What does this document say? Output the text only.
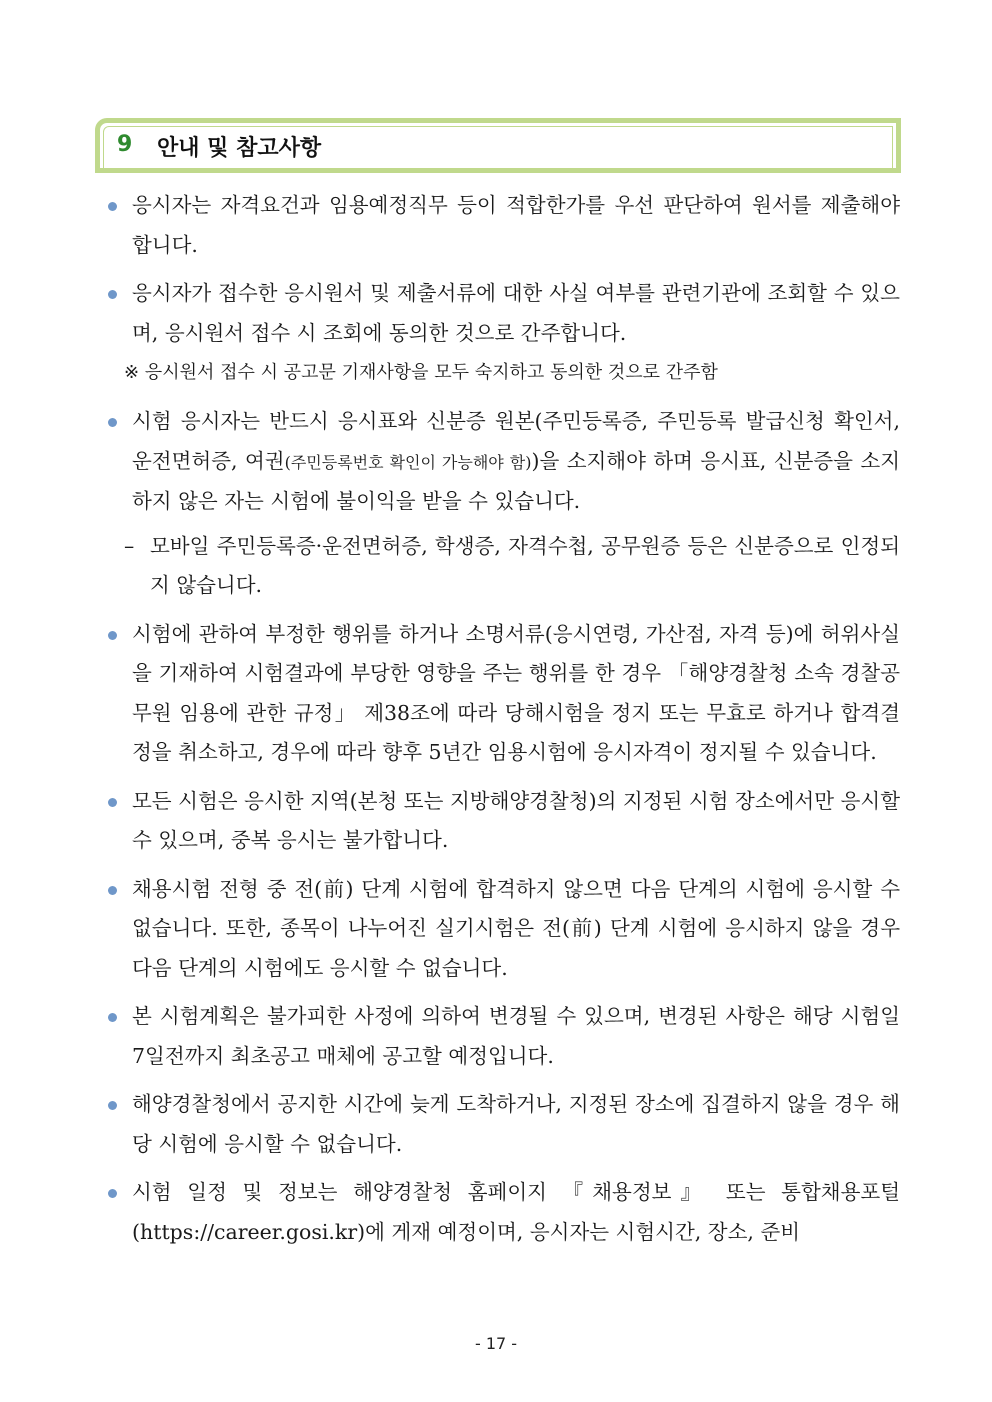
9 안내 및 참고사항
응시자는 자격요건과 임용예정직무 등이 적합한가를 우선 판단하여 원서를 제출해야 합니다.
응시자가 접수한 응시원서 및 제출서류에 대한 사실 여부를 관련기관에 조회할 수 있으며, 응시원서 접수 시 조회에 동의한 것으로 간주합니다.
※ 응시원서 접수 시 공고문 기재사항을 모두 숙지하고 동의한 것으로 간주함
시험 응시자는 반드시 응시표와 신분증 원본(주민등록증, 주민등록 발급신청 확인서, 운전면허증, 여권(주민등록번호 확인이 가능해야 함))을 소지해야 하며 응시표, 신분증을 소지하지 않은 자는 시험에 불이익을 받을 수 있습니다.
– 모바일 주민등록증·운전면허증, 학생증, 자격수첩, 공무원증 등은 신분증으로 인정되지 않습니다.
시험에 관하여 부정한 행위를 하거나 소명서류(응시연령, 가산점, 자격 등)에 허위사실을 기재하여 시험결과에 부당한 영향을 주는 행위를 한 경우 「해양경찰청 소속 경찰공무원 임용에 관한 규정」 제38조에 따라 당해시험을 정지 또는 무효로 하거나 합격결정을 취소하고, 경우에 따라 향후 5년간 임용시험에 응시자격이 정지될 수 있습니다.
모든 시험은 응시한 지역(본청 또는 지방해양경찰청)의 지정된 시험 장소에서만 응시할 수 있으며, 중복 응시는 불가합니다.
채용시험 전형 중 전(前) 단계 시험에 합격하지 않으면 다음 단계의 시험에 응시할 수 없습니다. 또한, 종목이 나누어진 실기시험은 전(前) 단계 시험에 응시하지 않을 경우 다음 단계의 시험에도 응시할 수 없습니다.
본 시험계획은 불가피한 사정에 의하여 변경될 수 있으며, 변경된 사항은 해당 시험일 7일전까지 최초공고 매체에 공고할 예정입니다.
해양경찰청에서 공지한 시간에 늦게 도착하거나, 지정된 장소에 집결하지 않을 경우 해당 시험에 응시할 수 없습니다.
시험 일정 및 정보는 해양경찰청 홈페이지 『채용정보』 또는 통합채용포털 (https://career.gosi.kr)에 게재 예정이며, 응시자는 시험시간, 장소, 준비
- 17 -
